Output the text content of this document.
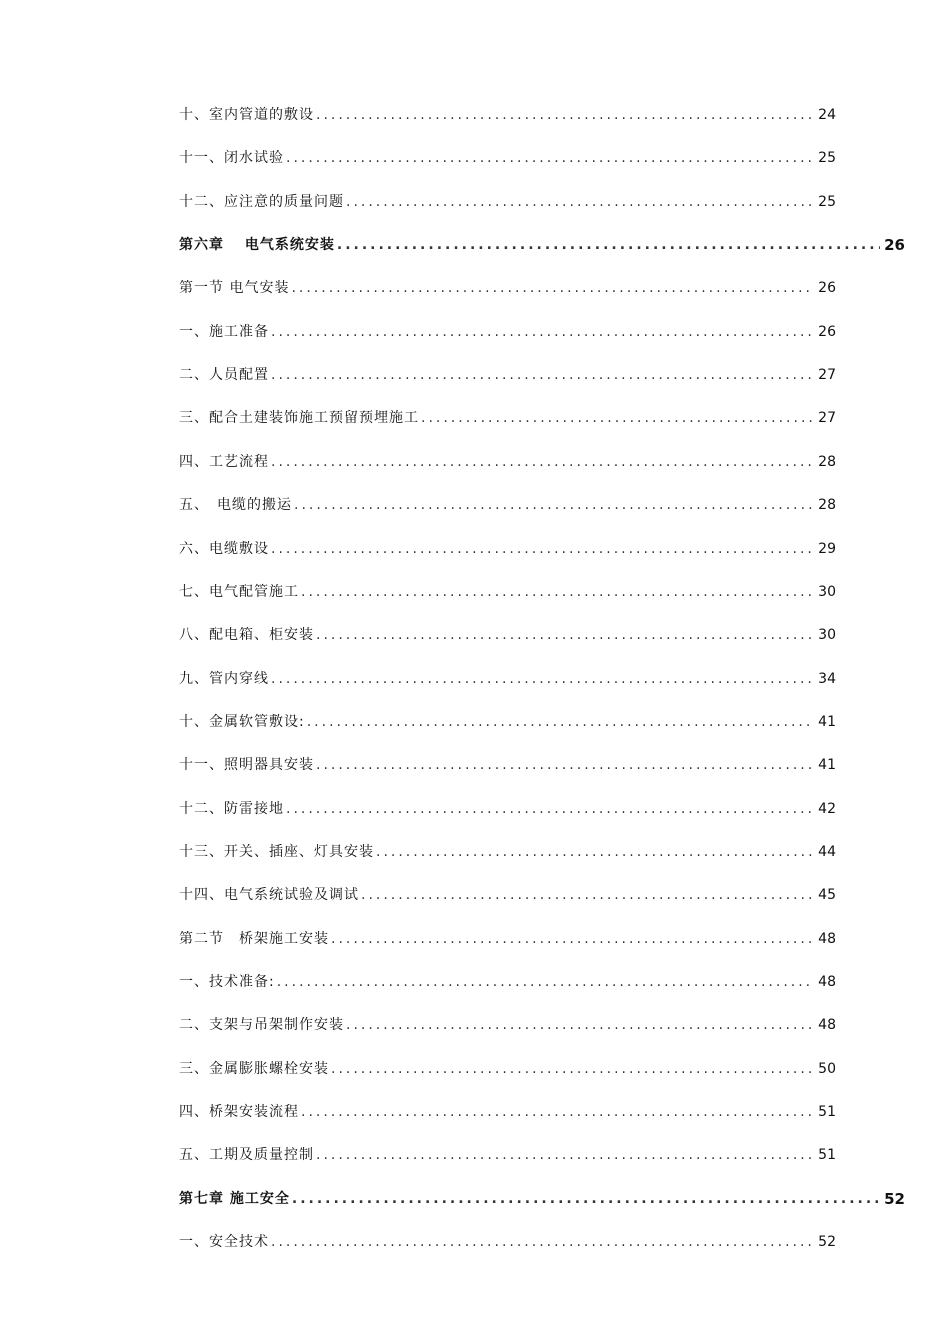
十、室内管道的敷设 .....	24
十一、闭水试验 .....	25
十二、应注意的质量问题 .....	25
第六章　 电气系统安装 .....	26
第一节 电气安装 .....	26
一、施工准备 .....	26
二、人员配置 .....	27
三、配合土建装饰施工预留预埋施工 .....	27
四、工艺流程 .....	28
五、　电缆的搬运 .....	28
六、电缆敷设 .....	29
七、电气配管施工 .....	30
八、配电箱、柜安装 .....	30
九、管内穿线 .....	34
十、金属软管敷设: .....	41
十一、照明器具安装 .....	41
十二、防雷接地 .....	42
十三、开关、插座、灯具安装 .....	44
十四、电气系统试验及调试 .....	45
第二节　桥架施工安装 .....	48
一、技术准备: .....	48
二、支架与吊架制作安装 .....	48
三、金属膨胀螺栓安装 .....	50
四、桥架安装流程 .....	51
五、工期及质量控制 .....	51
第七章 施工安全 .....	52
一、安全技术 .....	52
